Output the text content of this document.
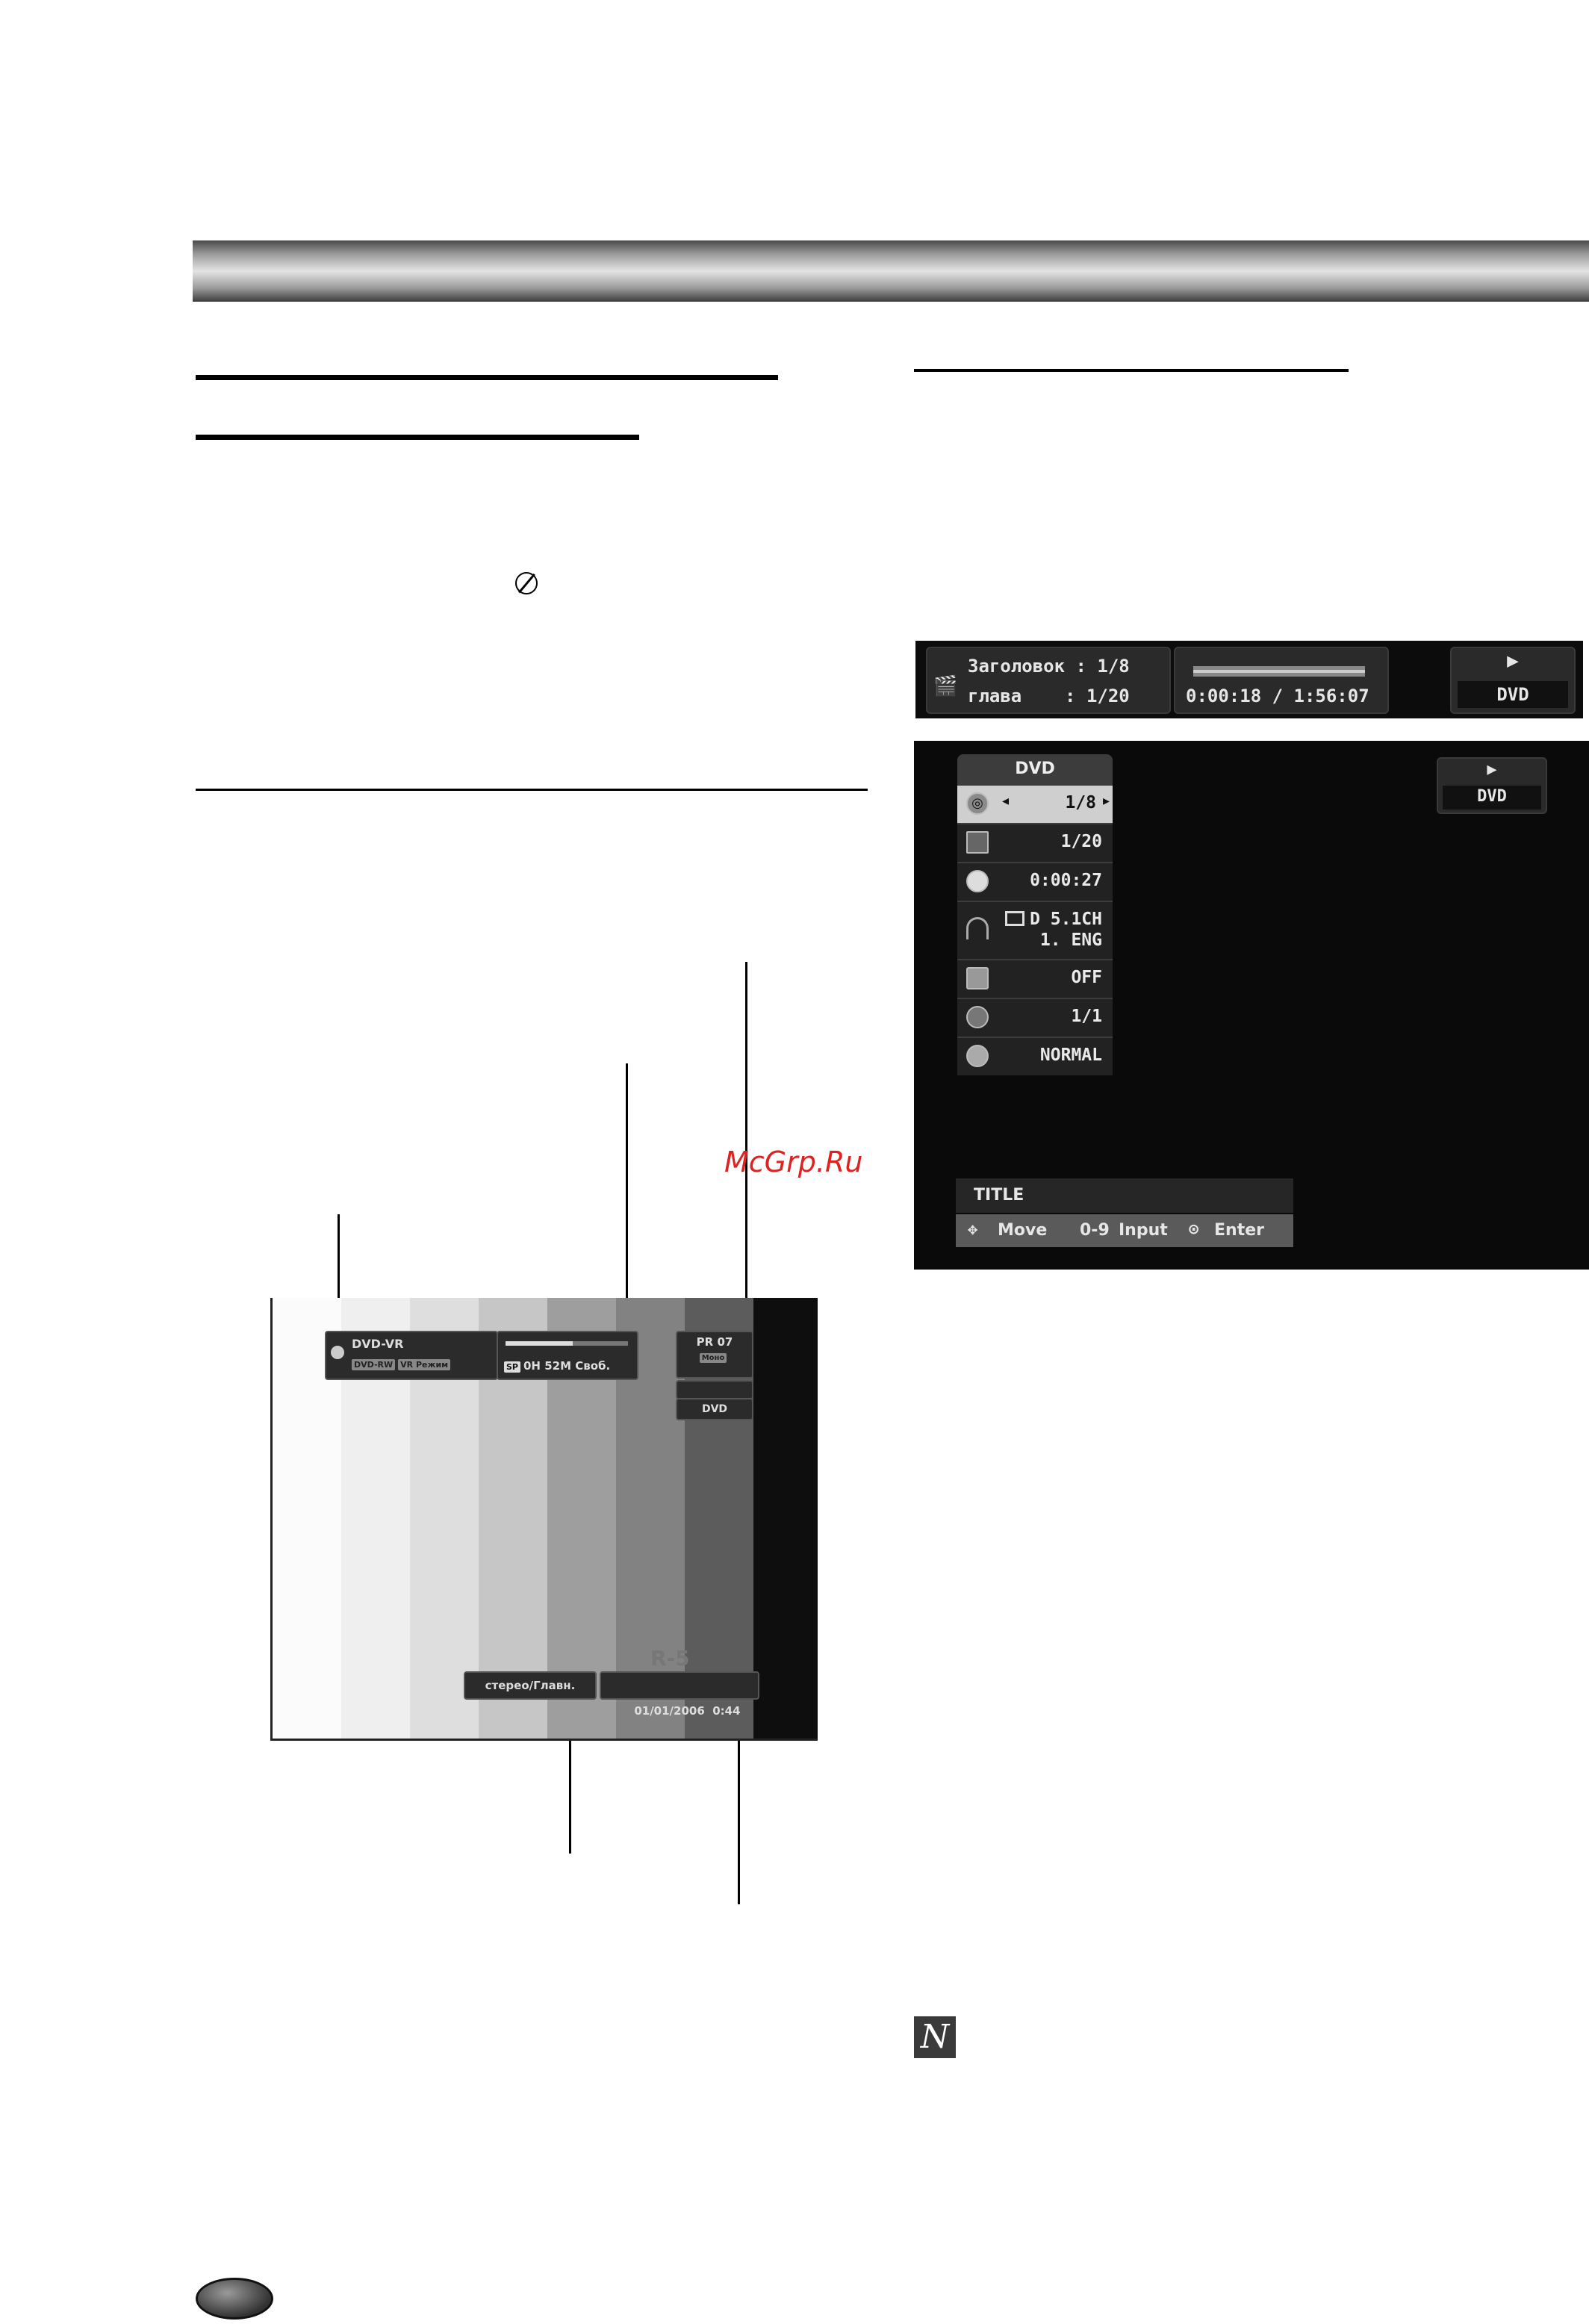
McGrp.Ru
DVD-VR
DVD-RW VR Режим	SP 0H 52M Своб.
PR 07
Моно
DVD
R-5
стерео/Главн.

01/01/2006  0:44

🎬
Заголовок : 1/8
глава : 1/20	0:00:18 / 1:56:07
▶
DVD
DVD
◎	◂	1/8 ▸
1/20
0:00:27
D 5.1CH
1. ENG
OFF
1/1
NORMAL
▶
DVD
TITLE
✥ Move 0-9 Input ⊙ Enter
N
